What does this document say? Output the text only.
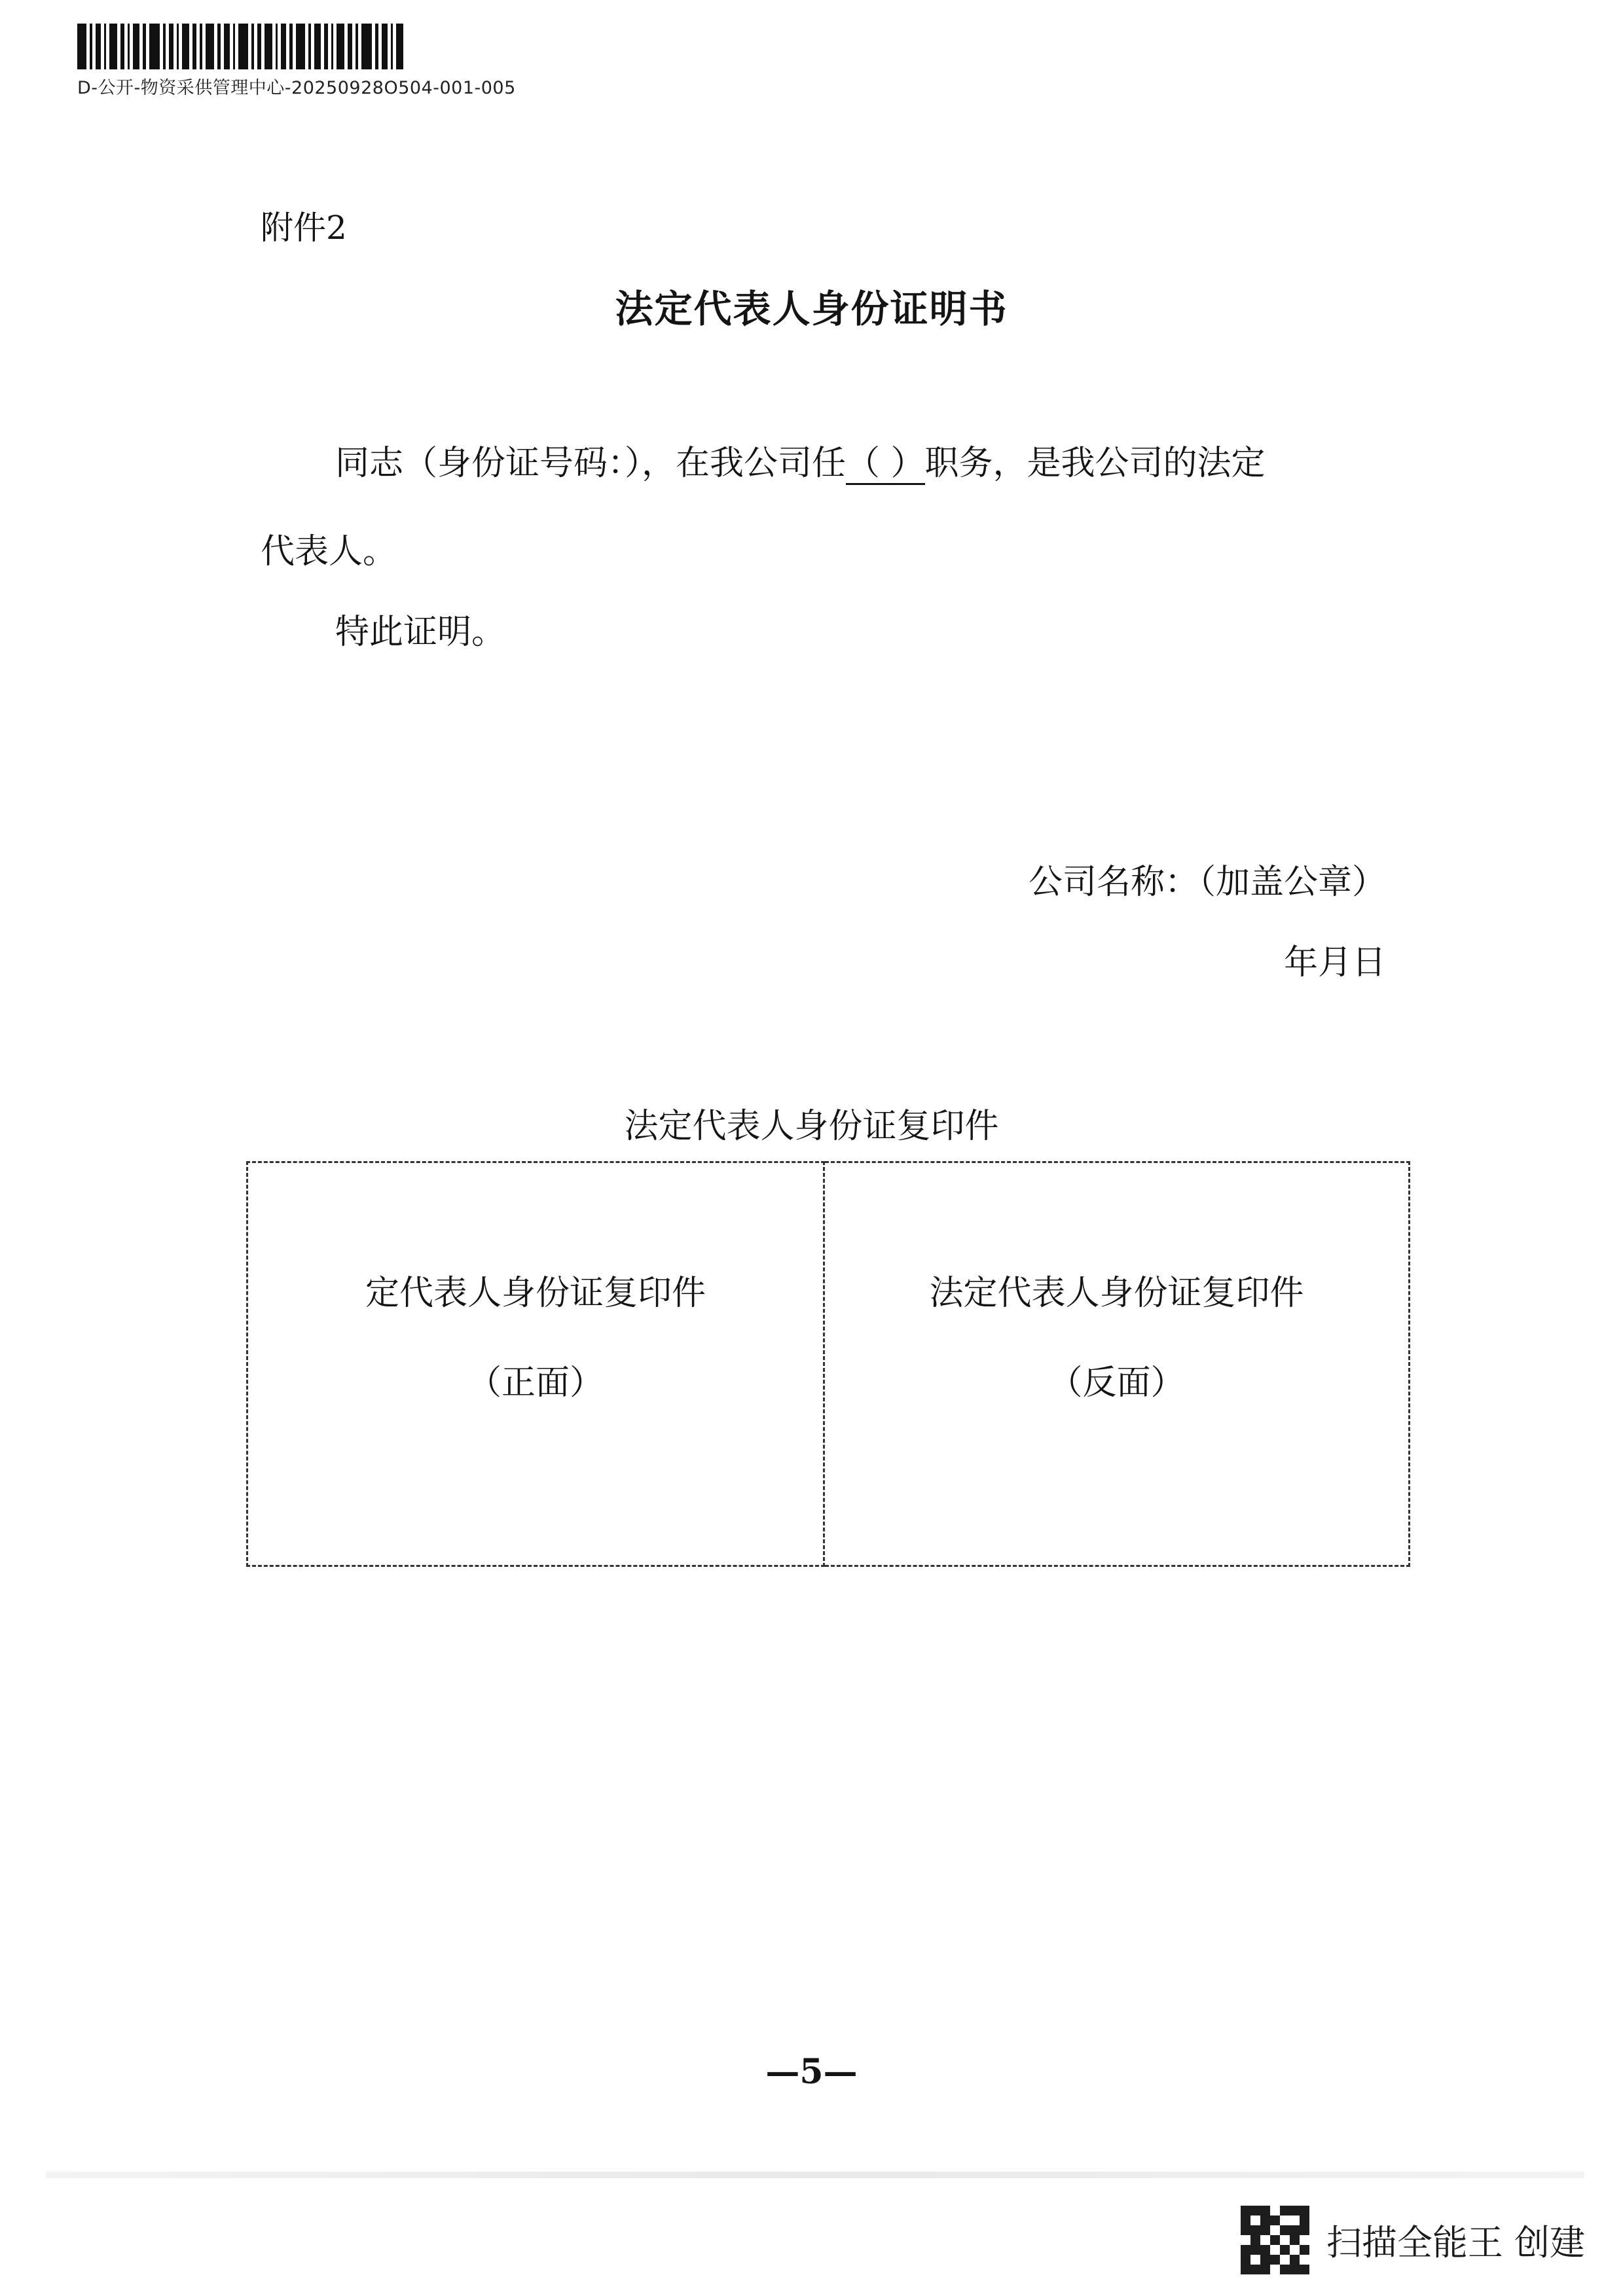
D-公开-物资采供管理中心-20250928O504-001-005
附件2
法定代表人身份证明书
同志（身份证号码：），在我公司任（ ）职务，是我公司的法定
代表人。
特此证明。
公司名称：（加盖公章）
年月日
法定代表人身份证复印件
定代表人身份证复印件
（正面）
法定代表人身份证复印件
（反面）
—5—
扫描全能王 创建
